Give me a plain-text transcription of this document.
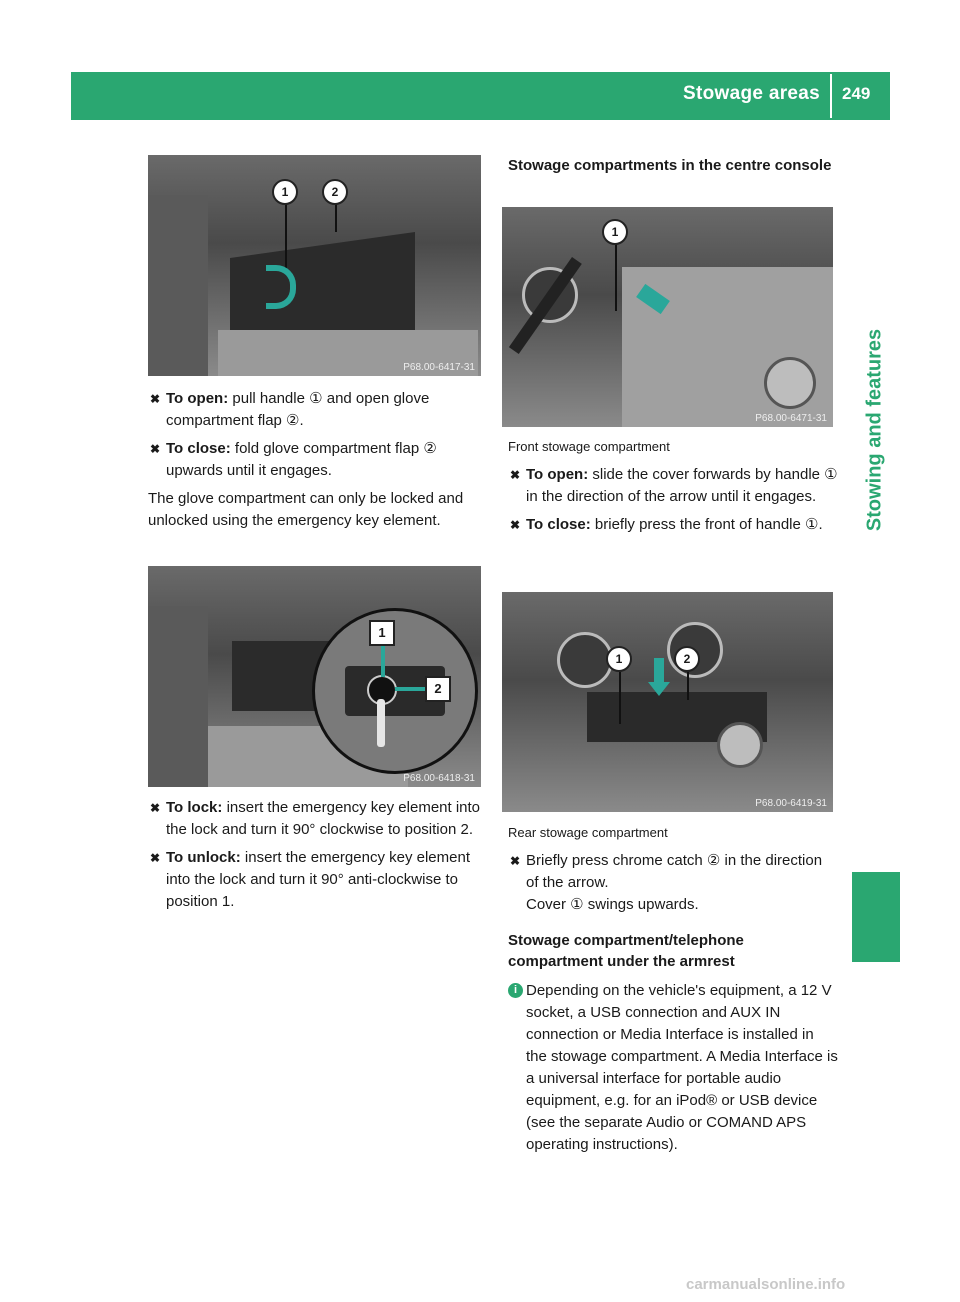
Stowage areas 249
Stowing and features
1	2
P68.00-6417-31
1
2
P68.00-6418-31
✖ To open: pull handle ① and open glove compartment flap ②.
✖ To close: fold glove compartment flap ② upwards until it engages.

The glove compartment can only be locked and unlocked using the emergency key element.

✖ To lock: insert the emergency key element into the lock and turn it 90° clockwise to position 2.
✖ To unlock: insert the emergency key element into the lock and turn it 90° anti-clockwise to position 1.
Stowage compartments in the centre console
1
P68.00-6471-31

Front stowage compartment

✖ To open: slide the cover forwards by handle ① in the direction of the arrow until it engages.
✖ To close: briefly press the front of handle ①.
1	2
P68.00-6419-31

Rear stowage compartment

✖ Briefly press chrome catch ② in the direction of the arrow.
Cover ① swings upwards.
Stowage compartment/telephone compartment under the armrest
i Depending on the vehicle's equipment, a 12 V socket, a USB connection and AUX IN connection or Media Interface is installed in the stowage compartment. A Media Interface is a universal interface for portable audio equipment, e.g. for an iPod® or USB device (see the separate Audio or COMAND APS operating instructions).
carmanualsonline.info
